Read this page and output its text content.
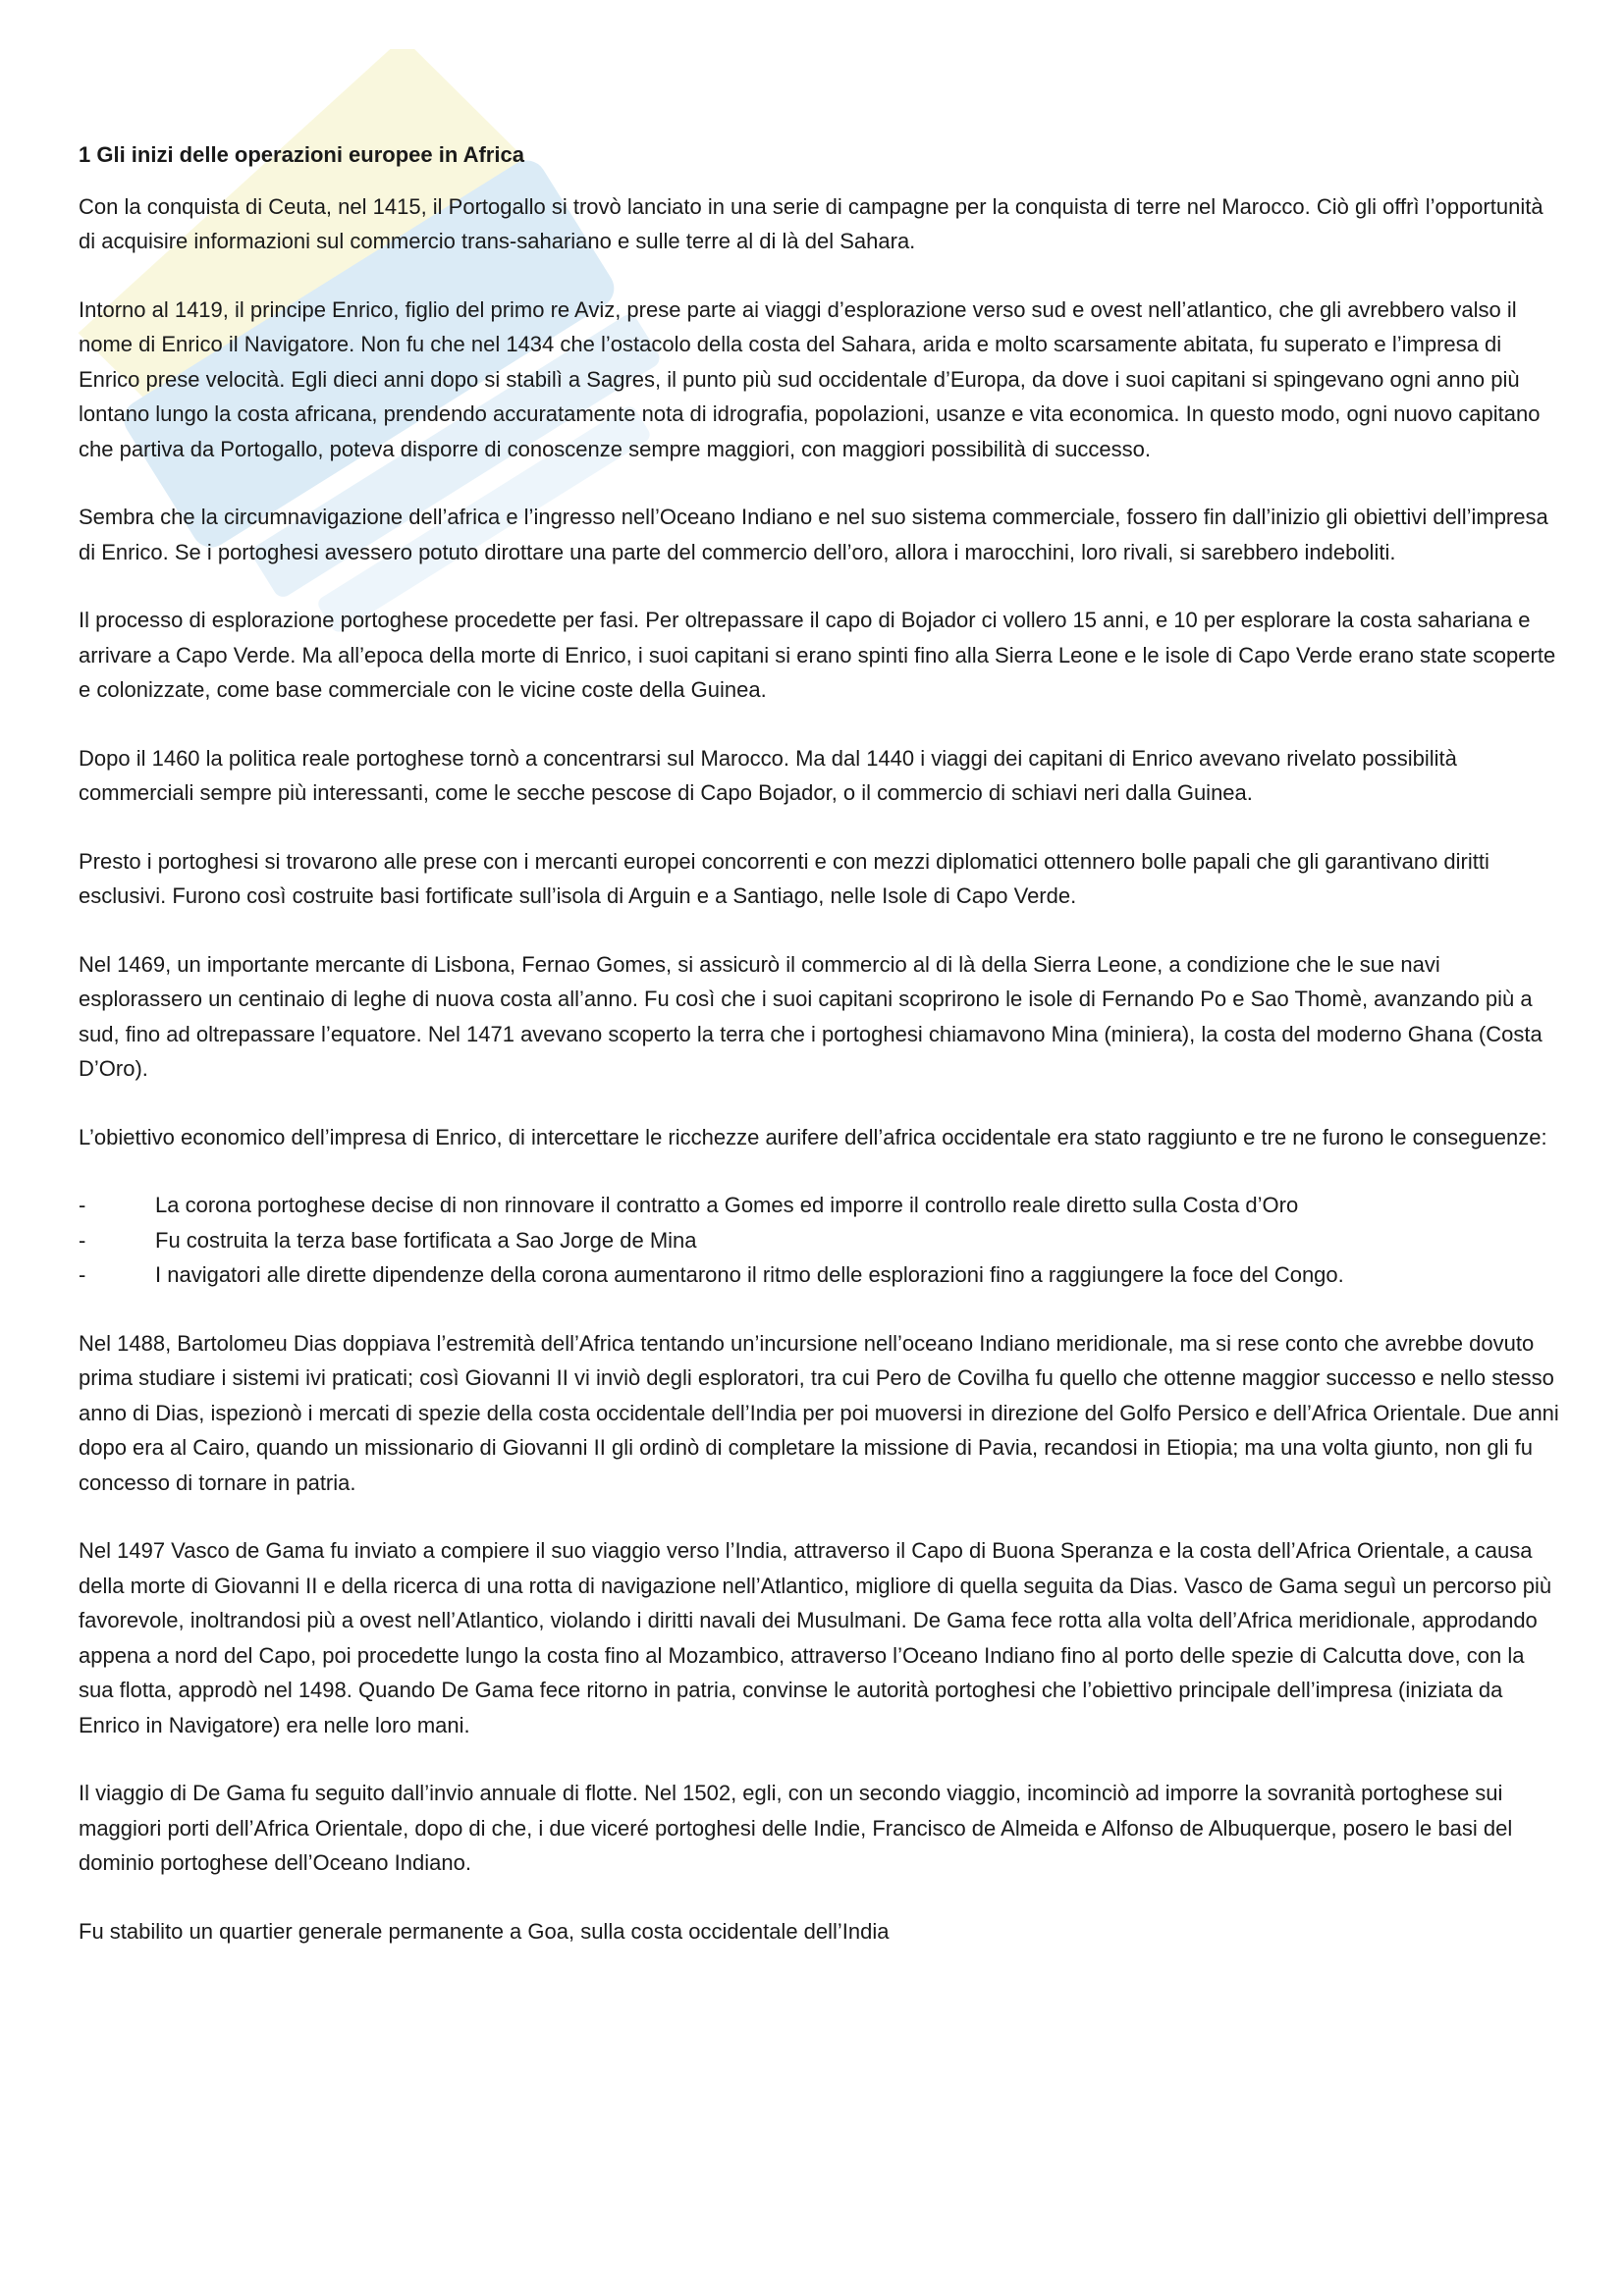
1 Gli inizi delle operazioni europee in Africa

Con la conquista di Ceuta, nel 1415, il Portogallo si trovò lanciato in una serie di campagne per la conquista di terre nel Marocco. Ciò gli offrì l’opportunità di acquisire informazioni sul commercio trans-sahariano e sulle terre al di là del Sahara.

Intorno al 1419, il principe Enrico, figlio del primo re Aviz, prese parte ai viaggi d’esplorazione verso sud e ovest nell’atlantico, che gli avrebbero valso il nome di Enrico il Navigatore. Non fu che nel 1434 che l’ostacolo della costa del Sahara, arida e molto scarsamente abitata, fu superato e l’impresa di Enrico prese velocità. Egli dieci anni dopo si stabilì a Sagres, il punto più sud occidentale d’Europa, da dove i suoi capitani si spingevano ogni anno più lontano lungo la costa africana, prendendo accuratamente nota di idrografia, popolazioni, usanze e vita economica. In questo modo, ogni nuovo capitano che partiva da Portogallo, poteva disporre di conoscenze sempre maggiori, con maggiori possibilità di successo.

Sembra che la circumnavigazione dell’africa e l’ingresso nell’Oceano Indiano e nel suo sistema commerciale, fossero fin dall’inizio gli obiettivi dell’impresa di Enrico. Se i portoghesi avessero potuto dirottare una parte del commercio dell’oro, allora i marocchini, loro rivali, si sarebbero indeboliti.

Il processo di esplorazione portoghese procedette per fasi. Per oltrepassare il capo di Bojador ci vollero 15 anni, e 10 per esplorare la costa sahariana e arrivare a Capo Verde. Ma all’epoca della morte di Enrico, i suoi capitani si erano spinti fino alla Sierra Leone e le isole di Capo Verde erano state scoperte e colonizzate, come base commerciale con le vicine coste della Guinea.

Dopo il 1460 la politica reale portoghese tornò a concentrarsi sul Marocco. Ma dal 1440 i viaggi dei capitani di Enrico avevano rivelato possibilità commerciali sempre più interessanti, come le secche pescose di Capo Bojador, o il commercio di schiavi neri dalla Guinea.

Presto i portoghesi si trovarono alle prese con i mercanti europei concorrenti e con mezzi diplomatici ottennero bolle papali che gli garantivano diritti esclusivi. Furono così costruite basi fortificate sull’isola di Arguin e a Santiago, nelle Isole di Capo Verde.

Nel 1469, un importante mercante di Lisbona, Fernao Gomes, si assicurò il commercio al di là della Sierra Leone, a condizione che le sue navi esplorassero un centinaio di leghe di nuova costa all’anno. Fu così che i suoi capitani scoprirono le isole di Fernando Po e Sao Thomè, avanzando più a sud, fino ad oltrepassare l’equatore. Nel 1471 avevano scoperto la terra che i portoghesi chiamavono Mina (miniera), la costa del moderno Ghana (Costa D’Oro).

L’obiettivo economico dell’impresa di Enrico, di intercettare le ricchezze aurifere dell’africa occidentale era stato raggiunto e tre ne furono le conseguenze:

-	La corona portoghese decise di non rinnovare il contratto a Gomes ed imporre il controllo reale diretto sulla Costa d’Oro
-	Fu costruita la terza base fortificata a Sao Jorge de Mina
-	I navigatori alle dirette dipendenze della corona aumentarono il ritmo delle esplorazioni fino a raggiungere la foce del Congo.

Nel 1488, Bartolomeu Dias doppiava l’estremità dell’Africa tentando un’incursione nell’oceano Indiano meridionale, ma si rese conto che avrebbe dovuto prima studiare i sistemi ivi praticati; così Giovanni II vi inviò degli esploratori, tra cui Pero de Covilha fu quello che ottenne maggior successo e nello stesso anno di Dias, ispezionò i mercati di spezie della costa occidentale dell’India per poi muoversi in direzione del Golfo Persico e dell’Africa Orientale. Due anni dopo era al Cairo, quando un missionario di Giovanni II gli ordinò di completare la missione di Pavia, recandosi in Etiopia; ma una volta giunto, non gli fu concesso di tornare in patria.

Nel 1497 Vasco de Gama fu inviato a compiere il suo viaggio verso l’India, attraverso il Capo di Buona Speranza e la costa dell’Africa Orientale, a causa della morte di Giovanni II e della ricerca di una rotta di navigazione nell’Atlantico, migliore di quella seguita da Dias. Vasco de Gama seguì un percorso più favorevole, inoltrandosi più a ovest nell’Atlantico, violando i diritti navali dei Musulmani. De Gama fece rotta alla volta dell’Africa meridionale, approdando appena a nord del Capo, poi procedette lungo la costa fino al Mozambico, attraverso l’Oceano Indiano fino al porto delle spezie di Calcutta dove, con la sua flotta, approdò nel 1498. Quando De Gama fece ritorno in patria, convinse le autorità portoghesi che l’obiettivo principale dell’impresa (iniziata da Enrico in Navigatore) era nelle loro mani.

Il viaggio di De Gama fu seguito dall’invio annuale di flotte. Nel 1502, egli, con un secondo viaggio, incominciò ad imporre la sovranità portoghese sui maggiori porti dell’Africa Orientale, dopo di che, i due viceré portoghesi delle Indie, Francisco de Almeida e Alfonso de Albuquerque, posero le basi del dominio portoghese dell’Oceano Indiano.

Fu stabilito un quartier generale permanente a Goa, sulla costa occidentale dell’India
